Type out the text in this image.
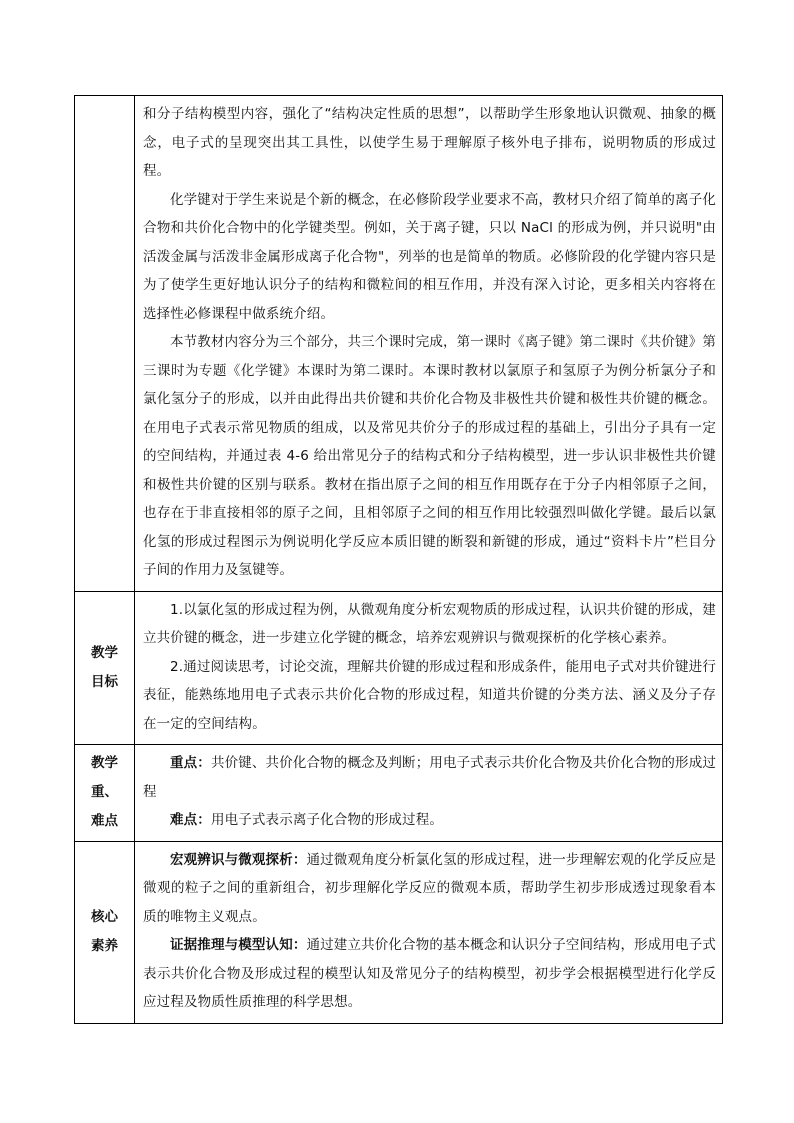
	和分子结构模型内容，强化了“结构决定性质的思想”，以帮助学生形象地认识微观、抽象的概念，电子式的呈现突出其工具性，以使学生易于理解原子核外电子排布，说明物质的形成过程。

化学键对于学生来说是个新的概念，在必修阶段学业要求不高，教材只介绍了简单的离子化合物和共价化合物中的化学键类型。例如，关于离子键，只以 NaCl 的形成为例，并只说明"由活泼金属与活泼非金属形成离子化合物"，列举的也是简单的物质。必修阶段的化学键内容只是为了使学生更好地认识分子的结构和微粒间的相互作用，并没有深入讨论，更多相关内容将在选择性必修课程中做系统介绍。

本节教材内容分为三个部分，共三个课时完成，第一课时《离子键》第二课时《共价键》第三课时为专题《化学键》本课时为第二课时。本课时教材以氯原子和氢原子为例分析氯分子和氯化氢分子的形成，以并由此得出共价键和共价化合物及非极性共价键和极性共价键的概念。在用电子式表示常见物质的组成，以及常见共价分子的形成过程的基础上，引出分子具有一定的空间结构，并通过表 4-6 给出常见分子的结构式和分子结构模型，进一步认识非极性共价键和极性共价键的区别与联系。教材在指出原子之间的相互作用既存在于分子内相邻原子之间，也存在于非直接相邻的原子之间，且相邻原子之间的相互作用比较强烈叫做化学键。最后以氯化氢的形成过程图示为例说明化学反应本质旧键的断裂和新键的形成，通过“资料卡片”栏目分子间的作用力及氢键等。

教学目标	1.以氯化氢的形成过程为例，从微观角度分析宏观物质的形成过程，认识共价键的形成，建立共价键的概念，进一步建立化学键的概念，培养宏观辨识与微观探析的化学核心素养。

2.通过阅读思考，讨论交流，理解共价键的形成过程和形成条件，能用电子式对共价键进行表征，能熟练地用电子式表示共价化合物的形成过程，知道共价键的分类方法、涵义及分子存在一定的空间结构。

教学重、难点	重点：共价键、共价化合物的概念及判断；用电子式表示共价化合物及共价化合物的形成过程

难点：用电子式表示离子化合物的形成过程。

核心素养	宏观辨识与微观探析：通过微观角度分析氯化氢的形成过程，进一步理解宏观的化学反应是微观的粒子之间的重新组合，初步理解化学反应的微观本质，帮助学生初步形成透过现象看本质的唯物主义观点。

证据推理与模型认知：通过建立共价化合物的基本概念和认识分子空间结构，形成用电子式表示共价化合物及形成过程的模型认知及常见分子的结构模型，初步学会根据模型进行化学反应过程及物质性质推理的科学思想。
